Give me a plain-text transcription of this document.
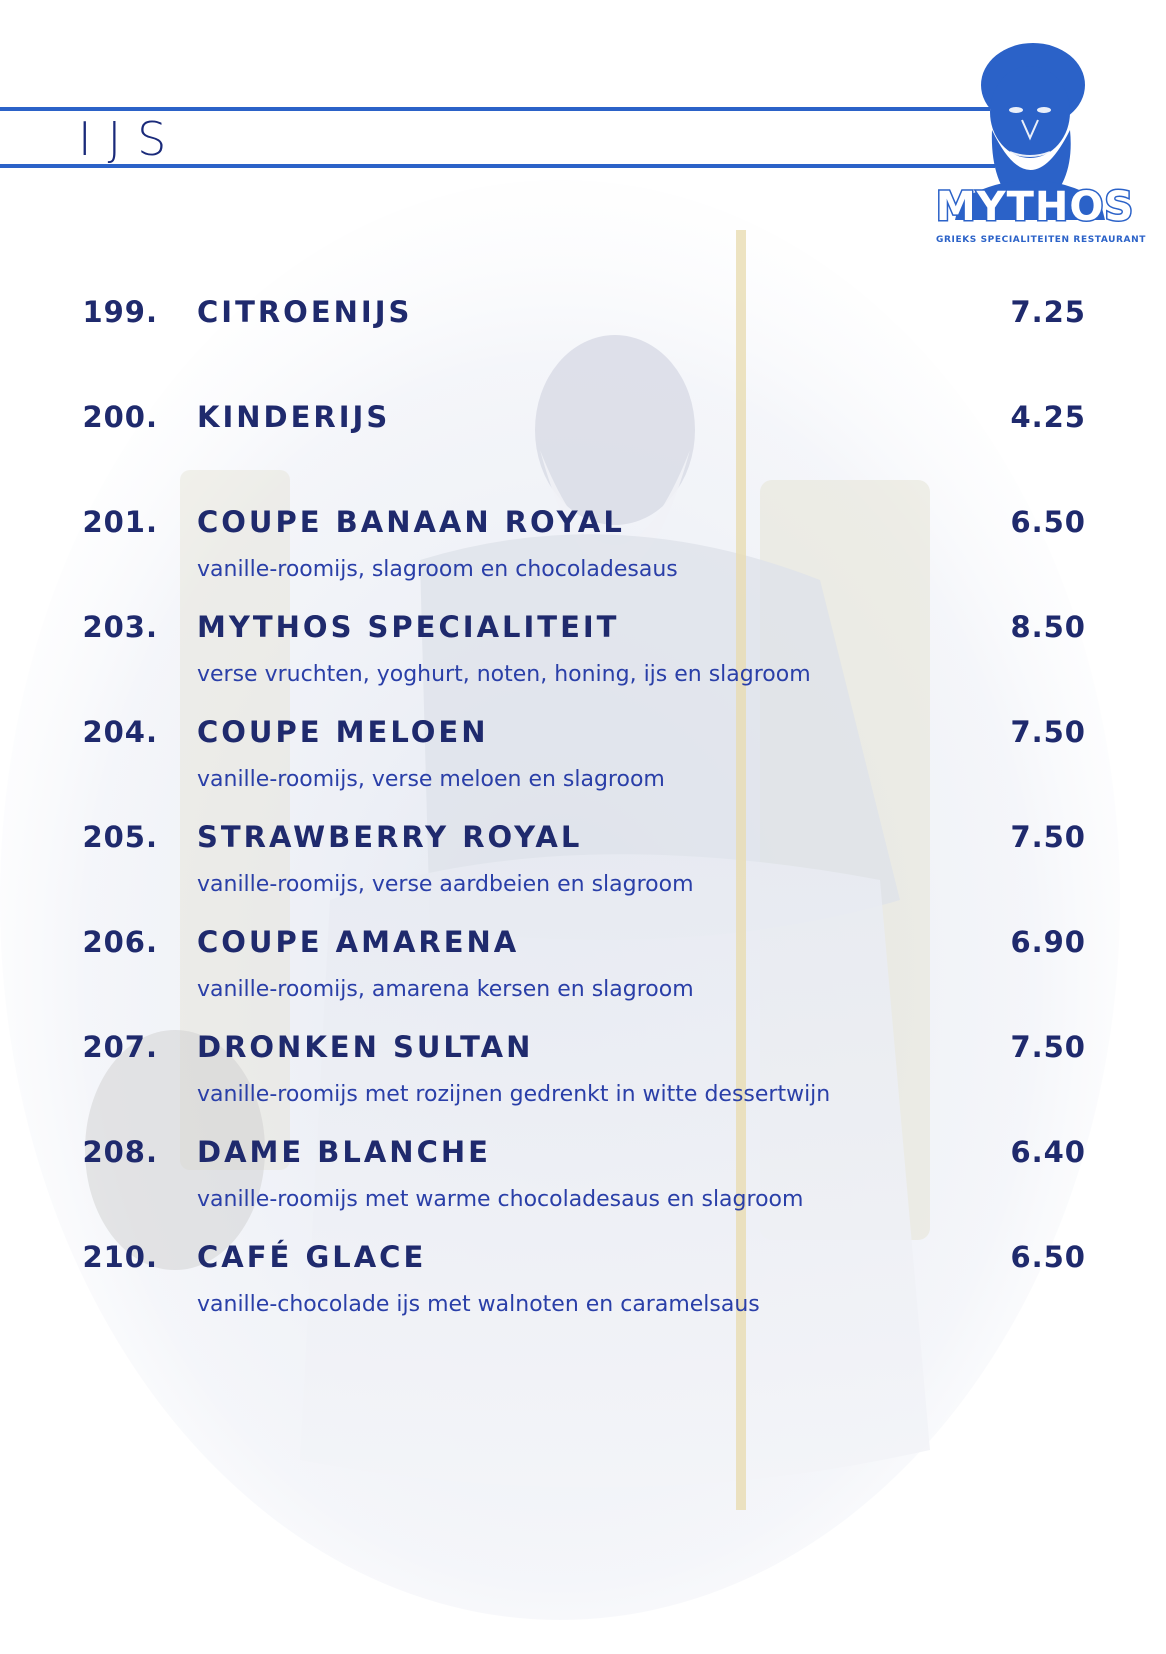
IJS
MYTHOS
GRIEKS SPECIALITEITEN RESTAURANT
199. CITROENIJS	7.25
200. KINDERIJS	4.25
201. COUPE BANAAN ROYAL	6.50
vanille-roomijs, slagroom en chocoladesaus
203. MYTHOS SPECIALITEIT	8.50
verse vruchten, yoghurt, noten, honing, ijs en slagroom
204. COUPE MELOEN	7.50
vanille-roomijs, verse meloen en slagroom
205. STRAWBERRY ROYAL	7.50
vanille-roomijs, verse aardbeien en slagroom
206. COUPE AMARENA	6.90
vanille-roomijs, amarena kersen en slagroom
207. DRONKEN SULTAN	7.50
vanille-roomijs met rozijnen gedrenkt in witte dessertwijn
208. DAME BLANCHE	6.40
vanille-roomijs met warme chocoladesaus en slagroom
210. CAFÉ GLACE	6.50
vanille-chocolade ijs met walnoten en caramelsaus
